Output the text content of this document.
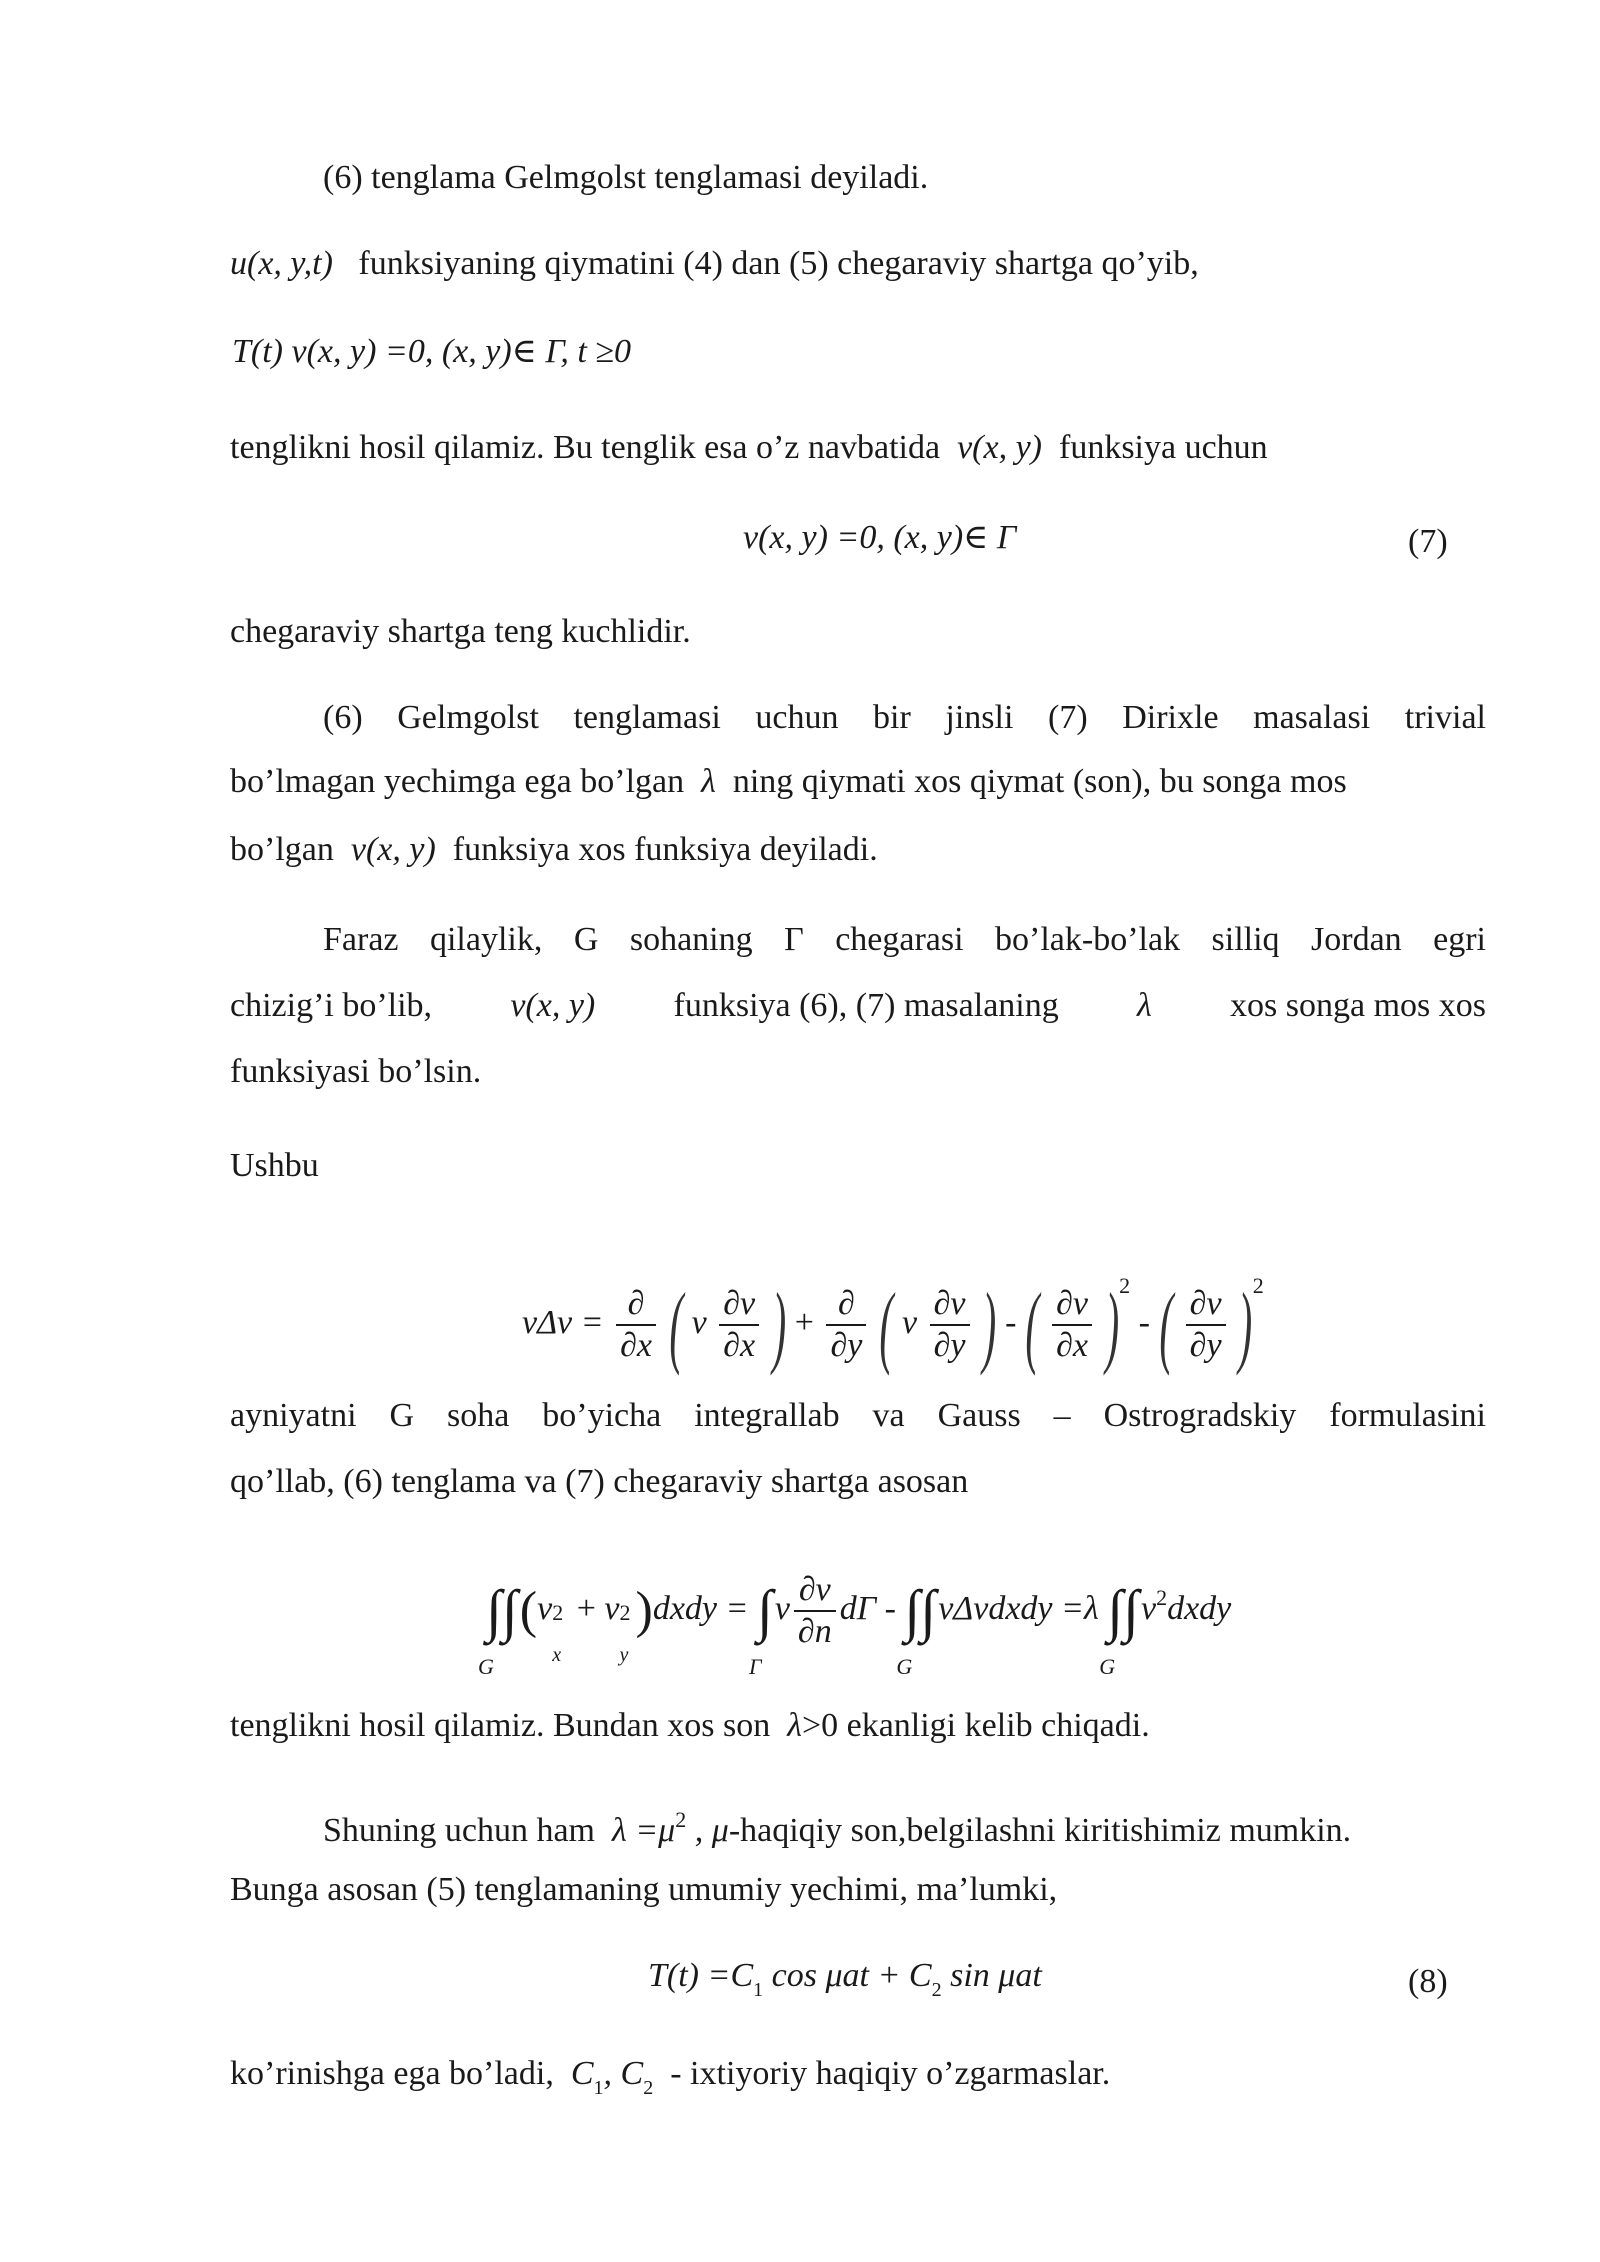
(6) tenglama Gelmgolst tenglamasi deyiladi.
u(x, y,t) funksiyaning qiymatini (4) dan (5) chegaraviy shartga qo’yib,
T(t) v(x, y) =0, (x, y)∈ Γ, t ≥0
tenglikni hosil qilamiz. Bu tenglik esa o’z navbatida v(x, y) funksiya uchun
v(x, y) =0, (x, y)∈ Γ	(7)
chegaraviy shartga teng kuchlidir.
(6) Gelmgolst tenglamasi uchun bir jinsli (7) Dirixle masalasi trivial
bo’lmagan yechimga ega bo’lgan λ ning qiymati xos qiymat (son), bu songa mos
bo’lgan v(x, y) funksiya xos funksiya deyiladi.
Faraz qilaylik, G sohaning Γ chegarasi bo’lak-bo’lak silliq Jordan egri
chizig’i bo’lib, v(x, y) funksiya (6), (7) masalaning λ xos songa mos xos
funksiyasi bo’lsin.
Ushbu
$v\Delta v = \frac{\partial}{\partial x}$ ( v $\frac{\partial v}{\partial x}$ ) + $\frac{\partial}{\partial y}$ ( v $\frac{\partial v}{\partial y}$ ) - ( $\frac{\partial v}{\partial x} )^2$ - ( $\frac{\partial v}{\partial y} )^2$
ayniyatni G soha bo’yicha integrallab va Gauss – Ostrogradskiy formulasini
qo’llab, (6) tenglama va (7) chegaraviy shartga asosan
∫∫
G
(v 2
x
+ v 2
y
)dxdy = ∫
Γ
v $\frac{\partial v}{\partial n}$ dΓ - ∫∫
G
vΔvdxdy =λ ∫∫
G
$v^2dxdy$
tenglikni hosil qilamiz. Bundan xos son λ>0 ekanligi kelib chiqadi.
Shuning uchun ham $\lambda =\mu^2$ , μ-haqiqiy son,belgilashni kiritishimiz mumkin.
Bunga asosan (5) tenglamaning umumiy yechimi, ma’lumki,
$T(t) =C_1$ $\cos \mu at + C_2$ sin μat	(8)
ko’rinishga ega bo’ladi, $C_1$, $C_2$ - ixtiyoriy haqiqiy o’zgarmaslar.
